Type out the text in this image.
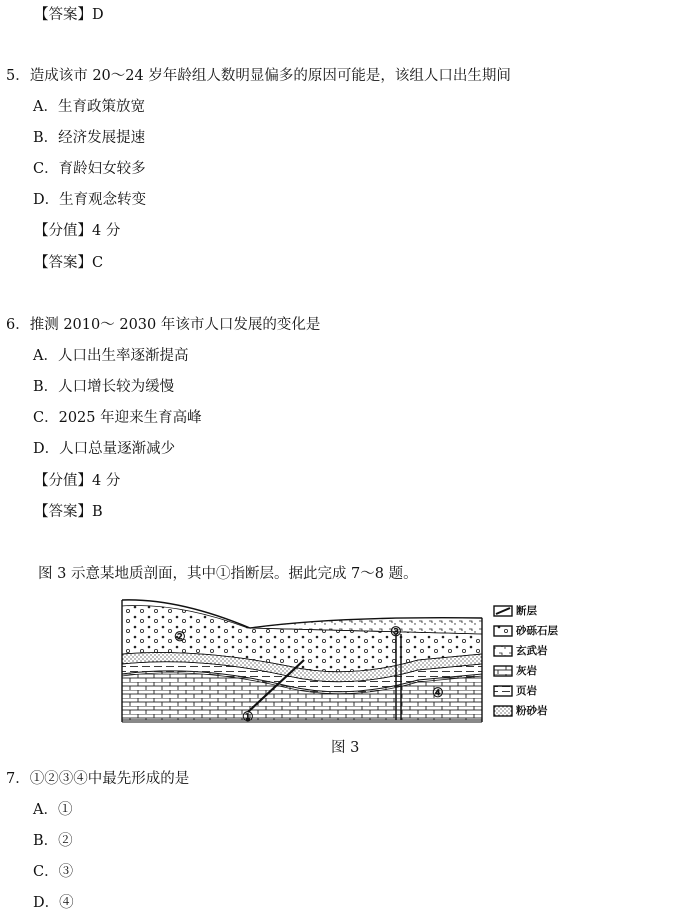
【答案】D
5．造成该市 20～24 岁年龄组人数明显偏多的原因可能是，该组人口出生期间
A．生育政策放宽
B．经济发展提速
C．育龄妇女较多
D．生育观念转变
【分值】4 分
【答案】C
6．推测 2010～ 2030 年该市人口发展的变化是
A．人口出生率逐渐提高
B．人口增长较为缓慢
C．2025 年迎来生育高峰
D．人口总量逐渐减少
【分值】4 分
【答案】B
图 3 示意某地质剖面，其中①指断层。据此完成 7～8 题。
②	③
④
①
断层
砂砾石层
玄武岩
灰岩
页岩
粉砂岩
图 3
7．①②③④中最先形成的是
A．①
B．②
C．③
D．④
